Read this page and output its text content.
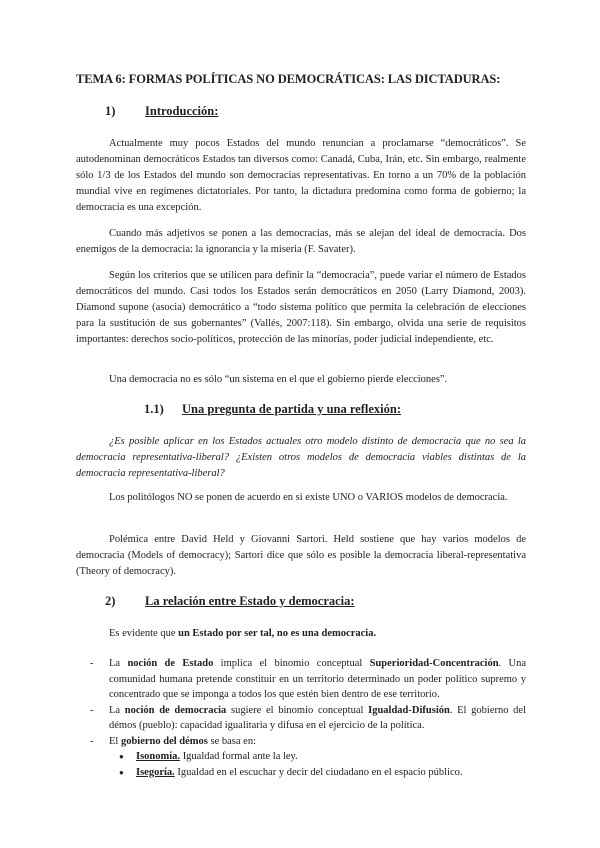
TEMA 6: FORMAS POLÍTICAS NO DEMOCRÁTICAS: LAS DICTADURAS:
1) Introducción:

Actualmente muy pocos Estados del mundo renuncian a proclamarse “democráticos”. Se autodenominan democráticos Estados tan diversos como: Canadá, Cuba, Irán, etc. Sin embargo, realmente sólo 1/3 de los Estados del mundo son democracias representativas. En torno a un 70% de la población mundial vive en regímenes dictatoriales. Por tanto, la dictadura predomina como forma de gobierno; la democracia es una excepción.

Cuando más adjetivos se ponen a las democracias, más se alejan del ideal de democracia. Dos enemigos de la democracia: la ignorancia y la miseria (F. Savater).

Según los criterios que se utilicen para definir la “democracia”, puede variar el número de Estados democráticos del mundo. Casi todos los Estados serán democráticos en 2050 (Larry Diamond, 2003). Diamond supone (asocia) democrático a “todo sistema político que permita la celebración de elecciones para la sustitución de sus gobernantes” (Vallés, 2007:118). Sin embargo, olvida una serie de requisitos importantes: derechos socio-políticos, protección de las minorías, poder judicial independiente, etc.

Una democracia no es sólo “un sistema en el que el gobierno pierde elecciones”.

1.1) Una pregunta de partida y una reflexión:

¿Es posible aplicar en los Estados actuales otro modelo distinto de democracia que no sea la democracia representativa-liberal? ¿Existen otros modelos de democracia viables distintas de la democracia representativa-liberal?

Los politólogos NO se ponen de acuerdo en si existe UNO o VARIOS modelos de democracia.

Polémica entre David Held y Giovanni Sartori. Held sostiene que hay varios modelos de democracia (Models of democracy); Sartori dice que sólo es posible la democracia liberal-representativa (Theory of democracy).

2) La relación entre Estado y democracia:

Es evidente que un Estado por ser tal, no es una democracia.

- La noción de Estado implica el binomio conceptual Superioridad-Concentración. Una comunidad humana pretende constituir en un territorio determinado un poder político supremo y concentrado que se imponga a todos los que estén bien dentro de ese territorio.
- La noción de democracia sugiere el binomio conceptual Igualdad-Difusión. El gobierno del démos (pueblo): capacidad igualitaria y difusa en el ejercicio de la política.
- El gobierno del démos se basa en:
● Isonomía. Igualdad formal ante la ley.
● Isegoría. Igualdad en el escuchar y decir del ciudadano en el espacio público.
